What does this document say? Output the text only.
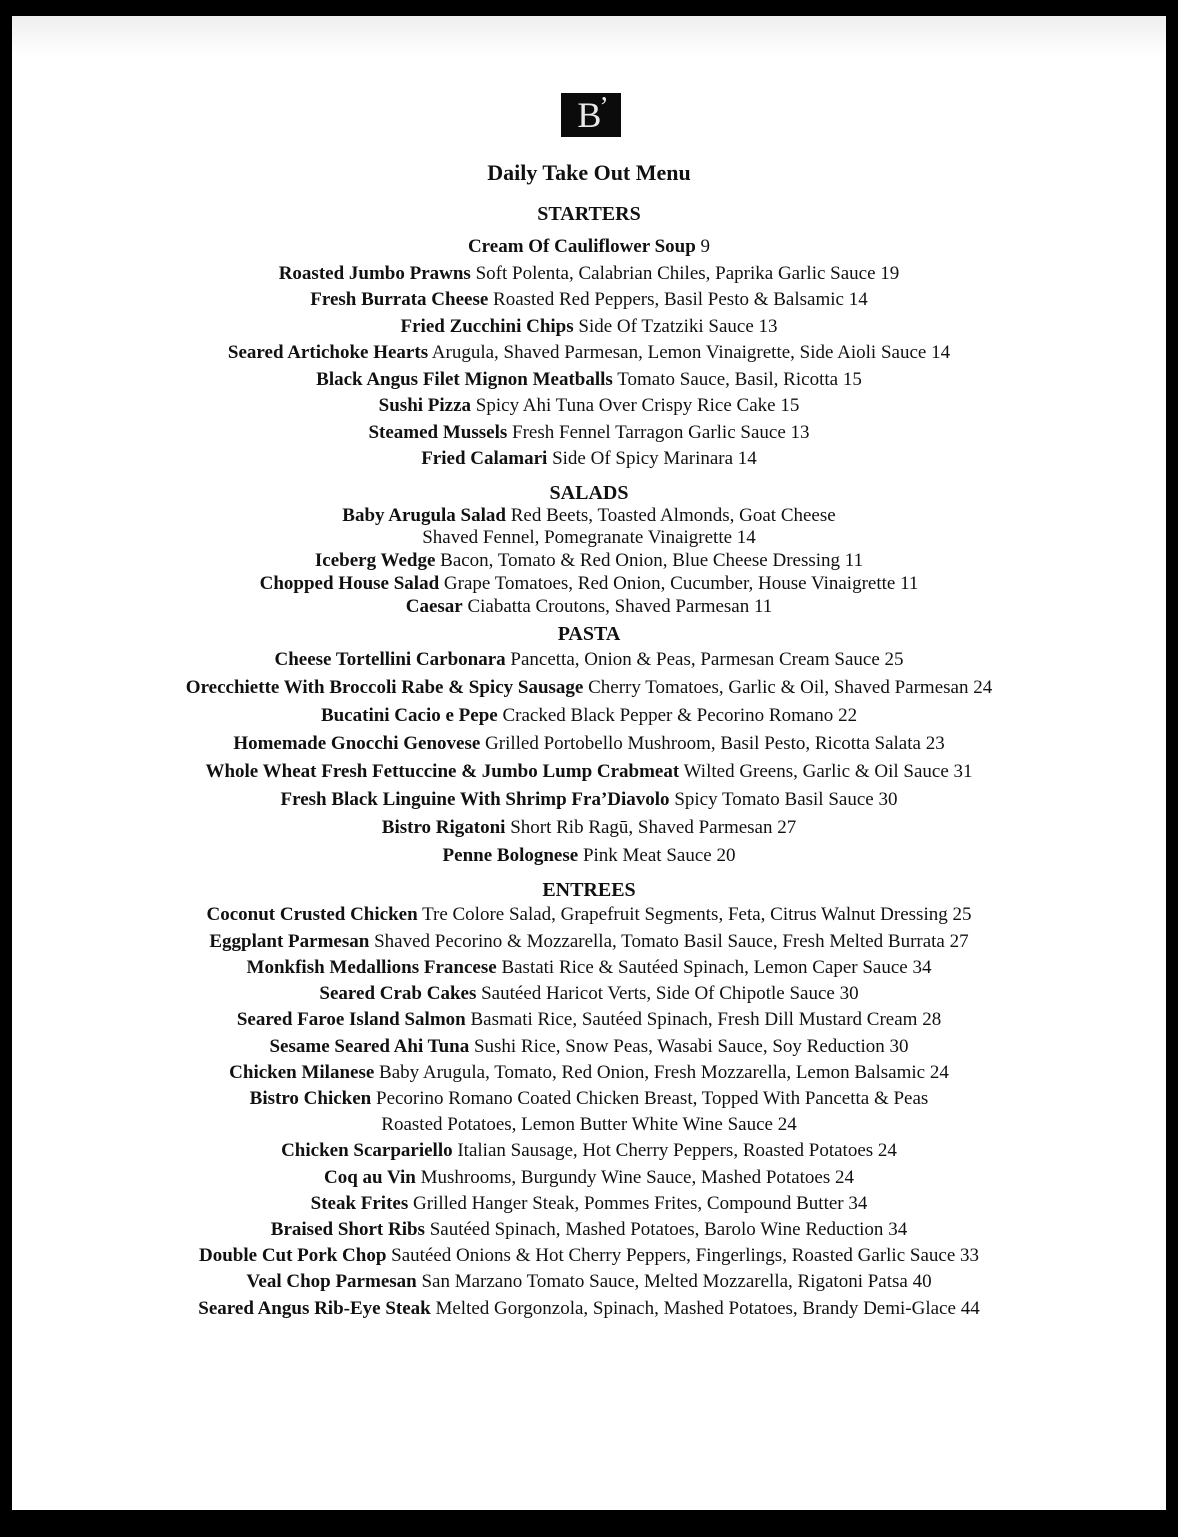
B ’
Daily Take Out Menu
STARTERS
Cream Of Cauliflower Soup 9
Roasted Jumbo Prawns Soft Polenta, Calabrian Chiles, Paprika Garlic Sauce 19
Fresh Burrata Cheese Roasted Red Peppers, Basil Pesto & Balsamic 14
Fried Zucchini Chips Side Of Tzatziki Sauce 13
Seared Artichoke Hearts Arugula, Shaved Parmesan, Lemon Vinaigrette, Side Aioli Sauce 14
Black Angus Filet Mignon Meatballs Tomato Sauce, Basil, Ricotta 15
Sushi Pizza Spicy Ahi Tuna Over Crispy Rice Cake 15
Steamed Mussels Fresh Fennel Tarragon Garlic Sauce 13
Fried Calamari Side Of Spicy Marinara 14
SALADS
Baby Arugula Salad Red Beets, Toasted Almonds, Goat Cheese
Shaved Fennel, Pomegranate Vinaigrette 14
Iceberg Wedge Bacon, Tomato & Red Onion, Blue Cheese Dressing 11
Chopped House Salad Grape Tomatoes, Red Onion, Cucumber, House Vinaigrette 11
Caesar Ciabatta Croutons, Shaved Parmesan 11
PASTA
Cheese Tortellini Carbonara Pancetta, Onion & Peas, Parmesan Cream Sauce 25
Orecchiette With Broccoli Rabe & Spicy Sausage Cherry Tomatoes, Garlic & Oil, Shaved Parmesan 24
Bucatini Cacio e Pepe Cracked Black Pepper & Pecorino Romano 22
Homemade Gnocchi Genovese Grilled Portobello Mushroom, Basil Pesto, Ricotta Salata 23
Whole Wheat Fresh Fettuccine & Jumbo Lump Crabmeat Wilted Greens, Garlic & Oil Sauce 31
Fresh Black Linguine With Shrimp Fra’Diavolo Spicy Tomato Basil Sauce 30
Bistro Rigatoni Short Rib Ragū, Shaved Parmesan 27
Penne Bolognese Pink Meat Sauce 20
ENTREES
Coconut Crusted Chicken Tre Colore Salad, Grapefruit Segments, Feta, Citrus Walnut Dressing 25
Eggplant Parmesan Shaved Pecorino & Mozzarella, Tomato Basil Sauce, Fresh Melted Burrata 27
Monkfish Medallions Francese Bastati Rice & Sautéed Spinach, Lemon Caper Sauce 34
Seared Crab Cakes Sautéed Haricot Verts, Side Of Chipotle Sauce 30
Seared Faroe Island Salmon Basmati Rice, Sautéed Spinach, Fresh Dill Mustard Cream 28
Sesame Seared Ahi Tuna Sushi Rice, Snow Peas, Wasabi Sauce, Soy Reduction 30
Chicken Milanese Baby Arugula, Tomato, Red Onion, Fresh Mozzarella, Lemon Balsamic 24
Bistro Chicken Pecorino Romano Coated Chicken Breast, Topped With Pancetta & Peas
Roasted Potatoes, Lemon Butter White Wine Sauce 24
Chicken Scarpariello Italian Sausage, Hot Cherry Peppers, Roasted Potatoes 24
Coq au Vin Mushrooms, Burgundy Wine Sauce, Mashed Potatoes 24
Steak Frites Grilled Hanger Steak, Pommes Frites, Compound Butter 34
Braised Short Ribs Sautéed Spinach, Mashed Potatoes, Barolo Wine Reduction 34
Double Cut Pork Chop Sautéed Onions & Hot Cherry Peppers, Fingerlings, Roasted Garlic Sauce 33
Veal Chop Parmesan San Marzano Tomato Sauce, Melted Mozzarella, Rigatoni Patsa 40
Seared Angus Rib-Eye Steak Melted Gorgonzola, Spinach, Mashed Potatoes, Brandy Demi-Glace 44
